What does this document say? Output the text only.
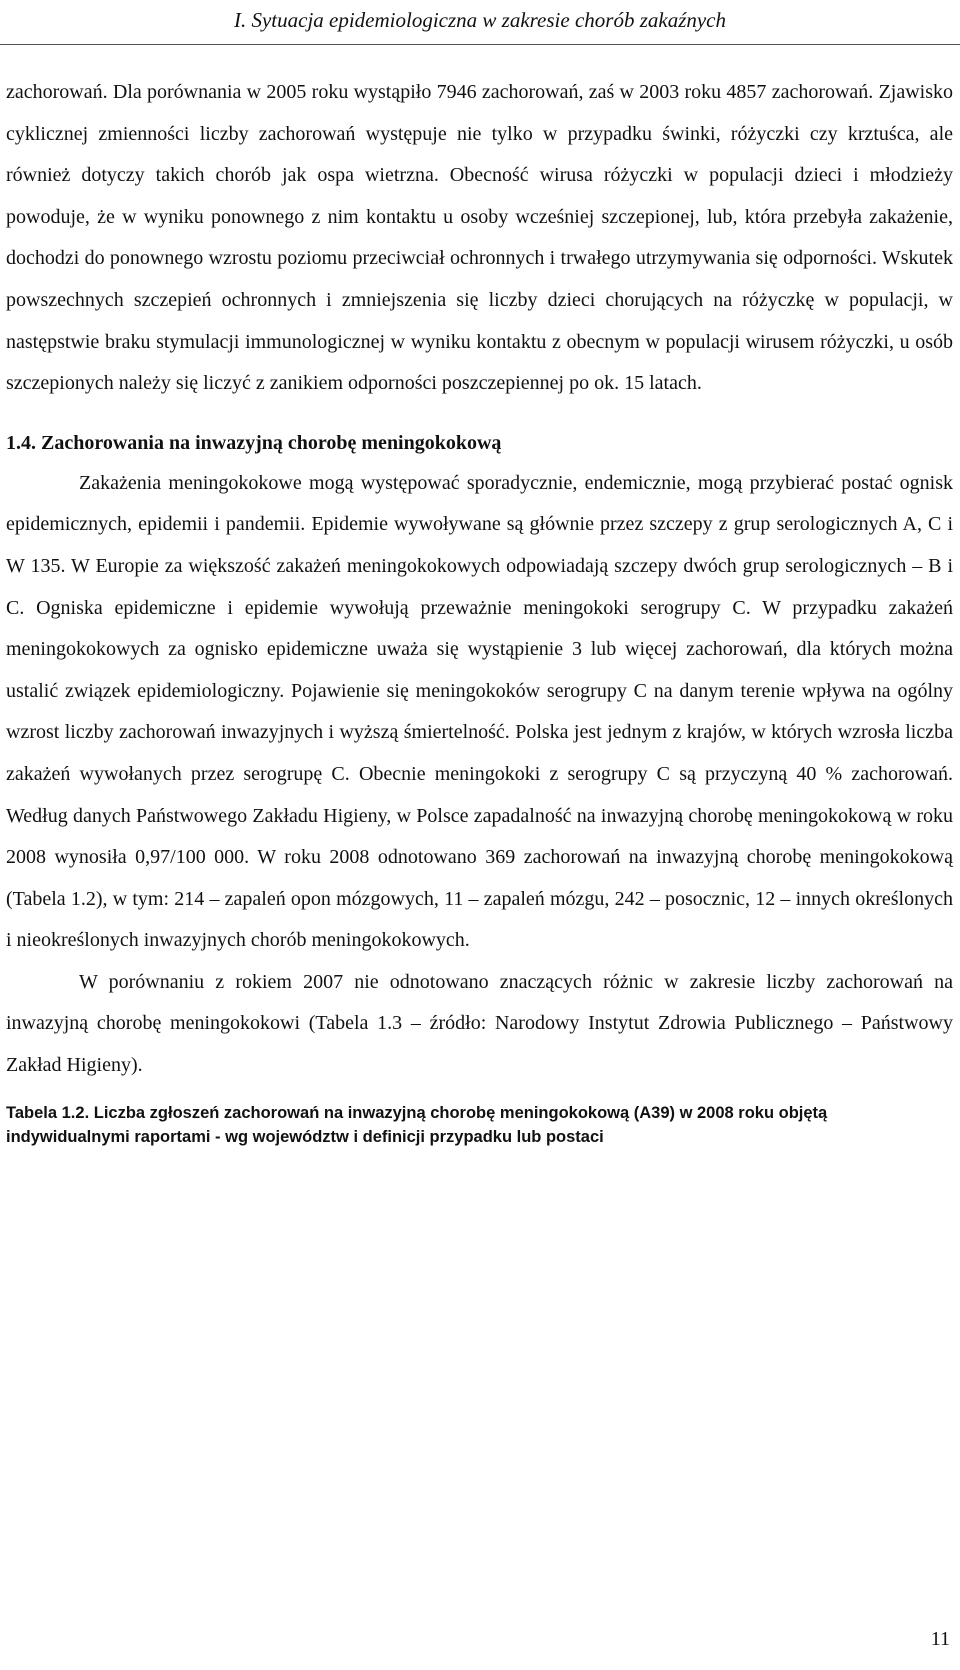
I. Sytuacja epidemiologiczna w zakresie chorób zakaźnych

zachorowań. Dla porównania w 2005 roku wystąpiło 7946 zachorowań, zaś w 2003 roku 4857 zachorowań. Zjawisko cyklicznej zmienności liczby zachorowań występuje nie tylko w przypadku świnki, różyczki czy krztuśca, ale również dotyczy takich chorób jak ospa wietrzna. Obecność wirusa różyczki w populacji dzieci i młodzieży powoduje, że w wyniku ponownego z nim kontaktu u osoby wcześniej szczepionej, lub, która przebyła zakażenie, dochodzi do ponownego wzrostu poziomu przeciwciał ochronnych i trwałego utrzymywania się odporności. Wskutek powszechnych szczepień ochronnych i zmniejszenia się liczby dzieci chorujących na różyczkę w populacji, w następstwie braku stymulacji immunologicznej w wyniku kontaktu z obecnym w populacji wirusem różyczki, u osób szczepionych należy się liczyć z zanikiem odporności poszczepiennej po ok. 15 latach.

1.4. Zachorowania na inwazyjną chorobę meningokokową

Zakażenia meningokokowe mogą występować sporadycznie, endemicznie, mogą przybierać postać ognisk epidemicznych, epidemii i pandemii. Epidemie wywoływane są głównie przez szczepy z grup serologicznych A, C i W 135. W Europie za większość zakażeń meningokokowych odpowiadają szczepy dwóch grup serologicznych – B i C. Ogniska epidemiczne i epidemie wywołują przeważnie meningokoki serogrupy C. W przypadku zakażeń meningokokowych za ognisko epidemiczne uważa się wystąpienie 3 lub więcej zachorowań, dla których można ustalić związek epidemiologiczny. Pojawienie się meningokoków serogrupy C na danym terenie wpływa na ogólny wzrost liczby zachorowań inwazyjnych i wyższą śmiertelność. Polska jest jednym z krajów, w których wzrosła liczba zakażeń wywołanych przez serogrupę C. Obecnie meningokoki z serogrupy C są przyczyną 40 % zachorowań. Według danych Państwowego Zakładu Higieny, w Polsce zapadalność na inwazyjną chorobę meningokokową w roku 2008 wynosiła 0,97/100 000. W roku 2008 odnotowano 369 zachorowań na inwazyjną chorobę meningokokową (Tabela 1.2), w tym: 214 – zapaleń opon mózgowych, 11 – zapaleń mózgu, 242 – posocznic, 12 – innych określonych i nieokreślonych inwazyjnych chorób meningokokowych.

W porównaniu z rokiem 2007 nie odnotowano znaczących różnic w zakresie liczby zachorowań na inwazyjną chorobę meningokokowi (Tabela 1.3 – źródło: Narodowy Instytut Zdrowia Publicznego – Państwowy Zakład Higieny).

Tabela 1.2. Liczba zgłoszeń zachorowań na inwazyjną chorobę meningokokową (A39) w 2008 roku objętą indywidualnymi raportami - wg województw i definicji przypadku lub postaci
11
